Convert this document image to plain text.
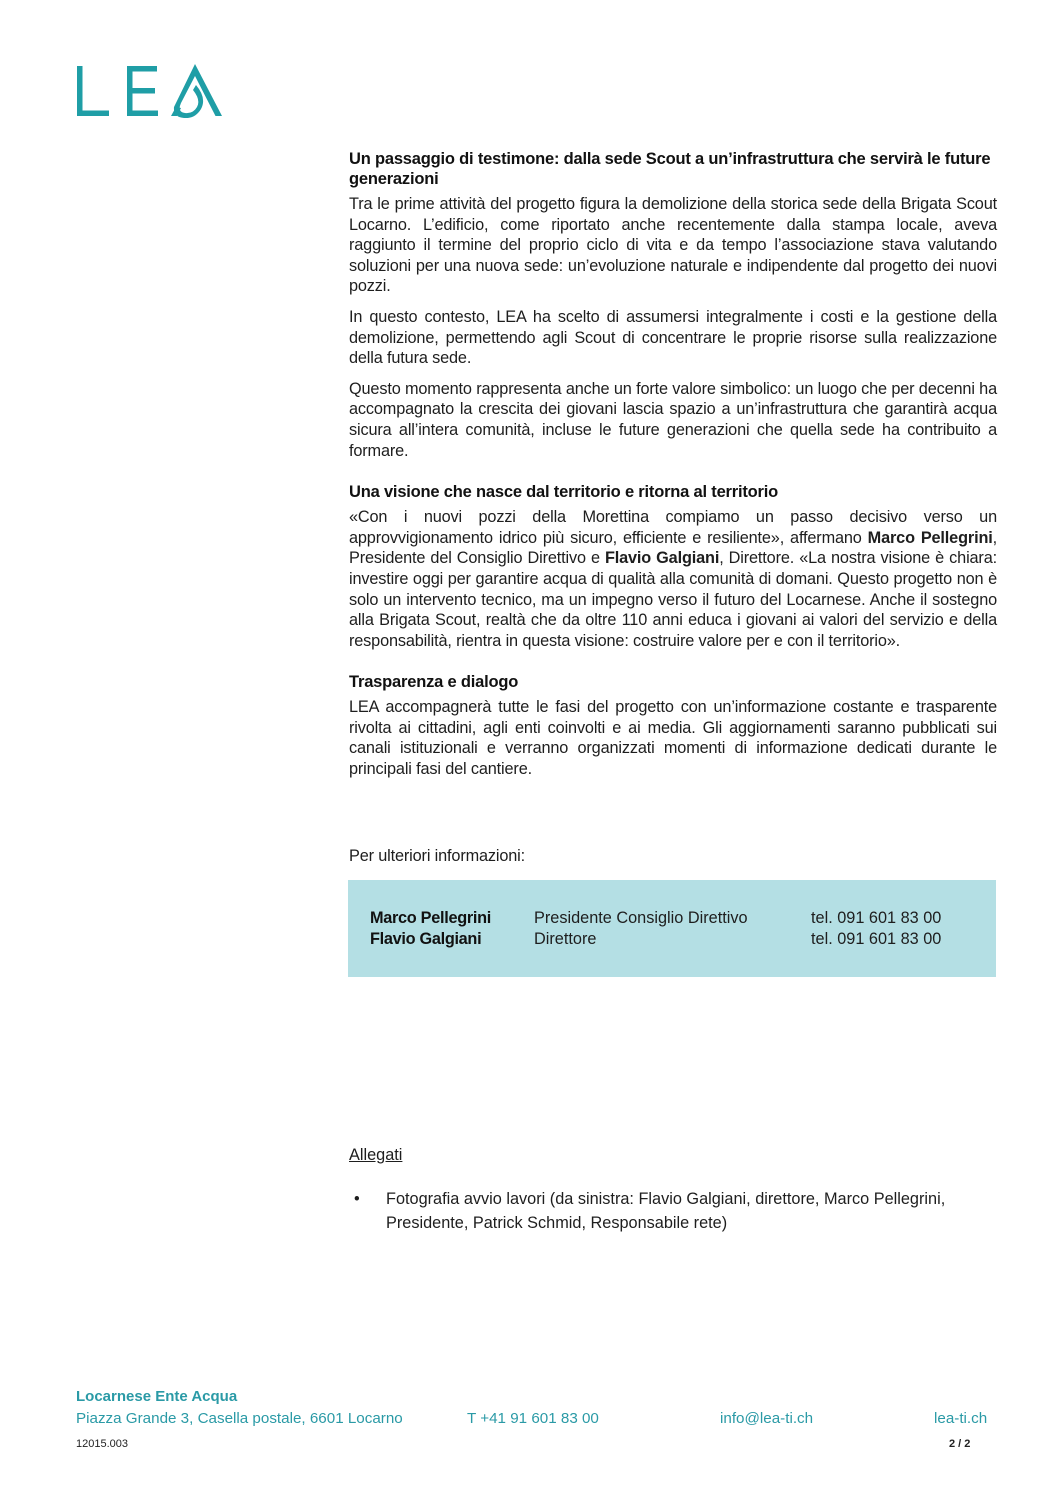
Un passaggio di testimone: dalla sede Scout a un’infrastruttura che servirà le future generazioni

Tra le prime attività del progetto figura la demolizione della storica sede della Brigata Scout Locarno. L’edificio, come riportato anche recentemente dalla stampa locale, aveva raggiunto il termine del proprio ciclo di vita e da tempo l’associazione stava valutando soluzioni per una nuova sede: un’evoluzione naturale e indipendente dal progetto dei nuovi pozzi.

In questo contesto, LEA ha scelto di assumersi integralmente i costi e la gestione della demolizione, permettendo agli Scout di concentrare le proprie risorse sulla realizzazione della futura sede.

Questo momento rappresenta anche un forte valore simbolico: un luogo che per decenni ha accompagnato la crescita dei giovani lascia spazio a un’infrastruttura che garantirà acqua sicura all’intera comunità, incluse le future generazioni che quella sede ha contribuito a formare.

Una visione che nasce dal territorio e ritorna al territorio

«Con i nuovi pozzi della Morettina compiamo un passo decisivo verso un approvvigionamento idrico più sicuro, efficiente e resiliente», affermano Marco Pellegrini, Presidente del Consiglio Direttivo e Flavio Galgiani, Direttore. «La nostra visione è chiara: investire oggi per garantire acqua di qualità alla comunità di domani. Questo progetto non è solo un intervento tecnico, ma un impegno verso il futuro del Locarnese. Anche il sostegno alla Brigata Scout, realtà che da oltre 110 anni educa i giovani ai valori del servizio e della responsabilità, rientra in questa visione: costruire valore per e con il territorio».

Trasparenza e dialogo

LEA accompagnerà tutte le fasi del progetto con un’informazione costante e trasparente rivolta ai cittadini, agli enti coinvolti e ai media. Gli aggiornamenti saranno pubblicati sui canali istituzionali e verranno organizzati momenti di informazione dedicati durante le principali fasi del cantiere.

Per ulteriori informazioni:

Marco Pellegrini	Presidente Consiglio Direttivo	tel. 091 601 83 00
Flavio Galgiani	Direttore	tel. 091 601 83 00
Allegati
• Fotografia avvio lavori (da sinistra: Flavio Galgiani, direttore, Marco Pellegrini, Presidente, Patrick Schmid, Responsabile rete)
Locarnese Ente Acqua
Piazza Grande 3, Casella postale, 6601 Locarno	T +41 91 601 83 00	info@lea-ti.ch	lea-ti.ch
12015.003	2 / 2
